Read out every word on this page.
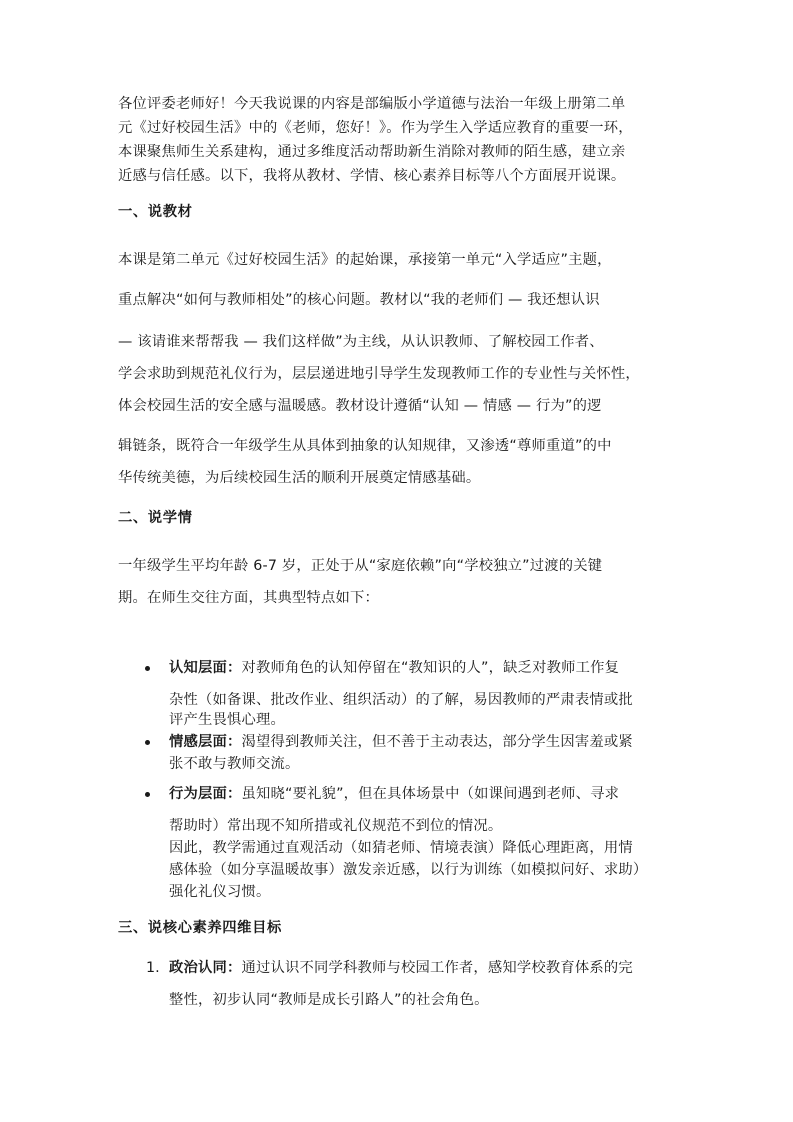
各位评委老师好！今天我说课的内容是部编版小学道德与法治一年级上册第二单
元《过好校园生活》中的《老师，您好！》。作为学生入学适应教育的重要一环，
本课聚焦师生关系建构，通过多维度活动帮助新生消除对教师的陌生感，建立亲
近感与信任感。以下，我将从教材、学情、核心素养目标等八个方面展开说课。
一、说教材
本课是第二单元《过好校园生活》的起始课，承接第一单元“入学适应”主题，
重点解决“如何与教师相处”的核心问题。教材以“我的老师们 — 我还想认识
— 该请谁来帮帮我 — 我们这样做”为主线，从认识教师、了解校园工作者、
学会求助到规范礼仪行为，层层递进地引导学生发现教师工作的专业性与关怀性，
体会校园生活的安全感与温暖感。教材设计遵循“认知 — 情感 — 行为”的逻
辑链条，既符合一年级学生从具体到抽象的认知规律，又渗透“尊师重道”的中
华传统美德，为后续校园生活的顺利开展奠定情感基础。
二、说学情
一年级学生平均年龄 6-7 岁，正处于从“家庭依赖”向“学校独立”过渡的关键
期。在师生交往方面，其典型特点如下：
认知层面：对教师角色的认知停留在“教知识的人”，缺乏对教师工作复
杂性（如备课、批改作业、组织活动）的了解，易因教师的严肃表情或批
评产生畏惧心理。
情感层面：渴望得到教师关注，但不善于主动表达，部分学生因害羞或紧
张不敢与教师交流。
行为层面：虽知晓“要礼貌”，但在具体场景中（如课间遇到老师、寻求
帮助时）常出现不知所措或礼仪规范不到位的情况。
因此，教学需通过直观活动（如猜老师、情境表演）降低心理距离，用情
感体验（如分享温暖故事）激发亲近感，以行为训练（如模拟问好、求助）
强化礼仪习惯。
三、说核心素养四维目标
1. 政治认同：通过认识不同学科教师与校园工作者，感知学校教育体系的完
整性，初步认同“教师是成长引路人”的社会角色。
